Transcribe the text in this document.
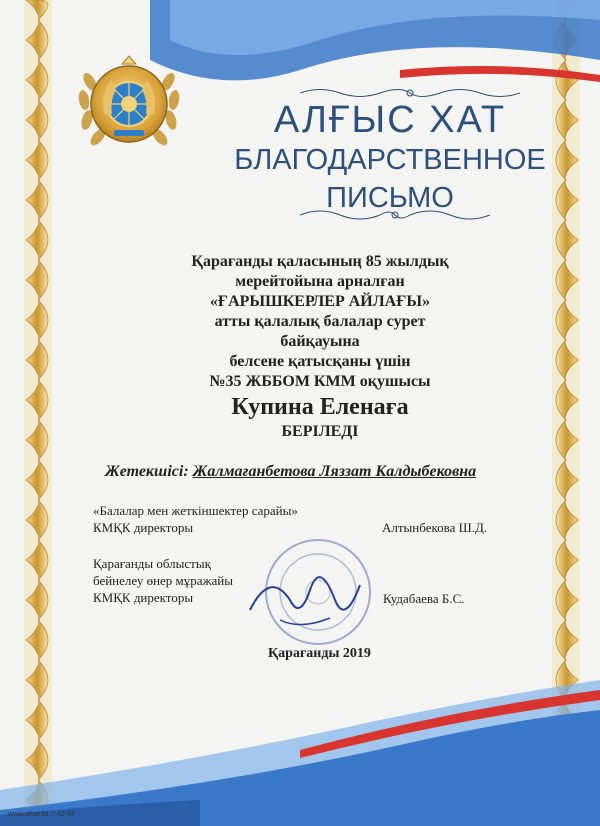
АЛҒЫС ХАТ
БЛАГОДАРСТВЕННОЕ
ПИСЬМО
Қарағанды қаласының 85 жылдық
мерейтойына арналған
«ҒАРЫШКЕРЛЕР АЙЛАҒЫ»
атты қалалық балалар сурет
байқауына
белсене қатысқаны үшін
№35 ЖББОМ КММ оқушысы
Купина Еленаға
БЕРІЛЕДІ
Жетекшісі: Жалмағанбетова Ляззат Калдыбековна
«Балалар мен жеткіншектер сарайы»
КМҚК директоры	Алтынбекова Ш.Д.
Қарағанды облыстық
бейнелеу өнер мұражайы
КМҚК директоры	Кудабаева Б.С.
Қарағанды 2019
www.alhat.kz 7-42-64
